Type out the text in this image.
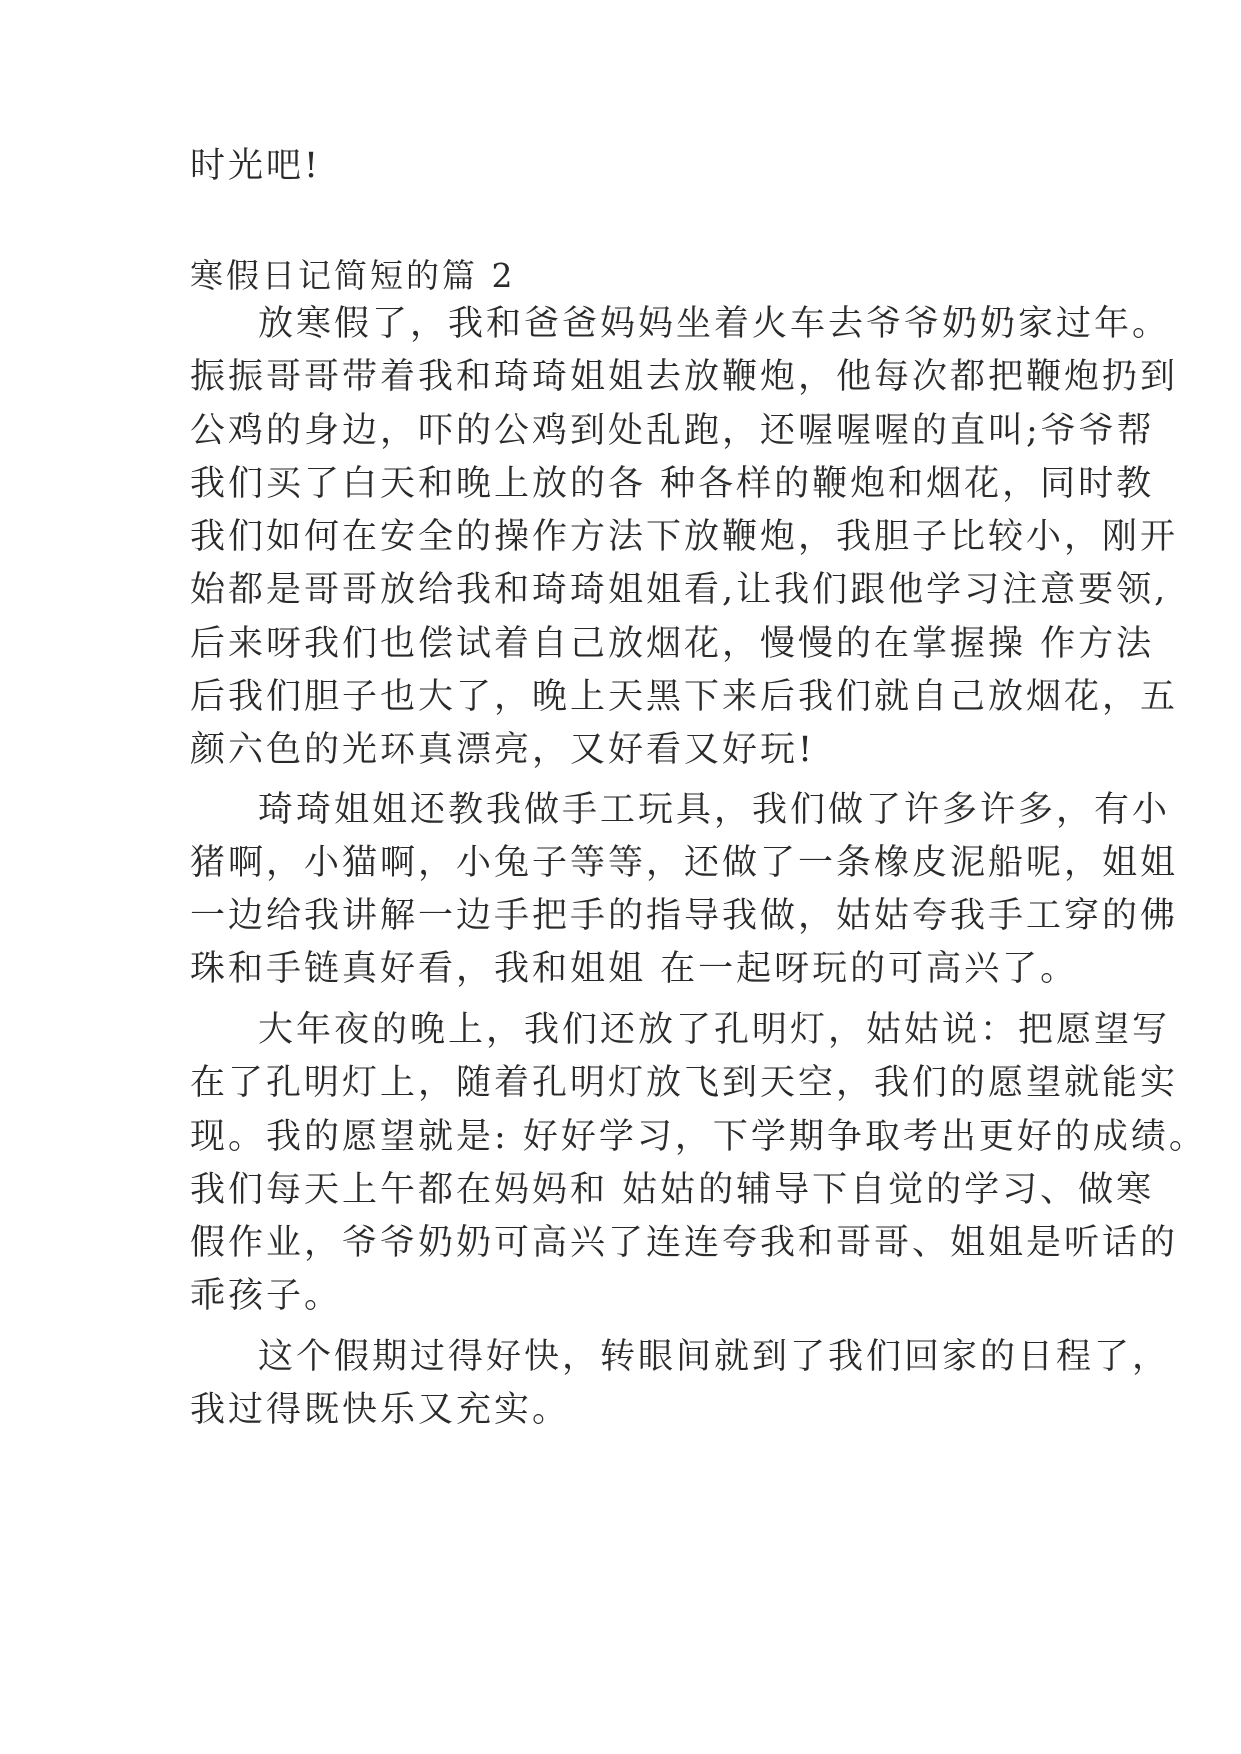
时光吧!
寒假日记简短的篇 2
放寒假了，我和爸爸妈妈坐着火车去爷爷奶奶家过年。
振振哥哥带着我和琦琦姐姐去放鞭炮，他每次都把鞭炮扔到
公鸡的身边，吓的公鸡到处乱跑，还喔喔喔的直叫;爷爷帮
我们买了白天和晚上放的各 种各样的鞭炮和烟花，同时教
我们如何在安全的操作方法下放鞭炮，我胆子比较小，刚开
始都是哥哥放给我和琦琦姐姐看,让我们跟他学习注意要领,
后来呀我们也偿试着自己放烟花，慢慢的在掌握操 作方法
后我们胆子也大了，晚上天黑下来后我们就自己放烟花，五
颜六色的光环真漂亮，又好看又好玩!
琦琦姐姐还教我做手工玩具，我们做了许多许多，有小
猪啊，小猫啊，小兔子等等，还做了一条橡皮泥船呢，姐姐
一边给我讲解一边手把手的指导我做，姑姑夸我手工穿的佛
珠和手链真好看，我和姐姐 在一起呀玩的可高兴了。
大年夜的晚上，我们还放了孔明灯，姑姑说：把愿望写
在了孔明灯上，随着孔明灯放飞到天空，我们的愿望就能实
现。我的愿望就是: 好好学习，下学期争取考出更好的成绩。
我们每天上午都在妈妈和 姑姑的辅导下自觉的学习、做寒
假作业，爷爷奶奶可高兴了连连夸我和哥哥、姐姐是听话的
乖孩子。
这个假期过得好快，转眼间就到了我们回家的日程了，
我过得既快乐又充实。
